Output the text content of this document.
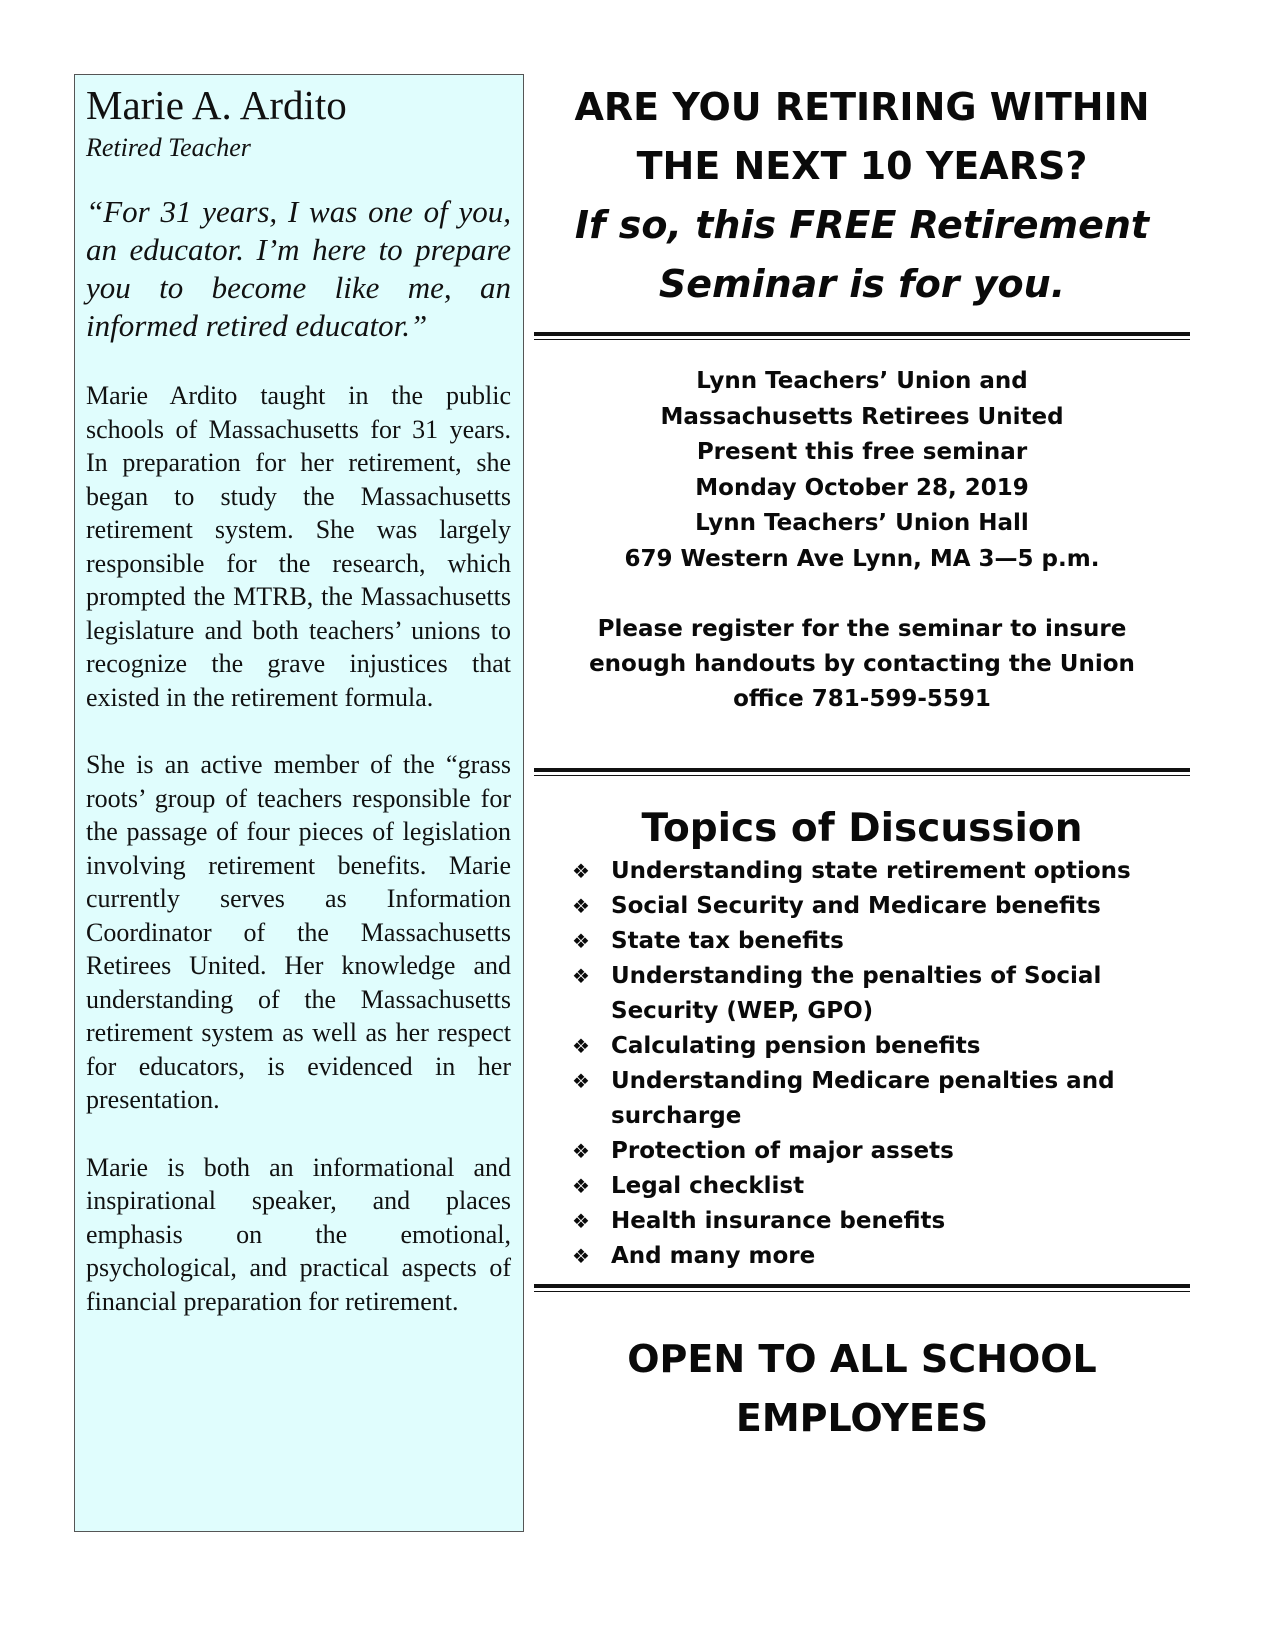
Marie A. Ardito

Retired Teacher

“For 31 years, I was one of you, an educator. I’m here to prepare you to become like me, an informed retired educator.”

Marie Ardito taught in the public schools of Massachusetts for 31 years. In preparation for her retirement, she began to study the Massachusetts retirement system. She was largely responsible for the research, which prompted the MTRB, the Massachusetts legislature and both teachers’ unions to recognize the grave injustices that existed in the retirement formula.

She is an active member of the “grass roots’ group of teachers responsible for the passage of four pieces of legislation involving retirement benefits. Marie currently serves as Information Coordinator of the Massachusetts Retirees United. Her knowledge and understanding of the Massachusetts retirement system as well as her respect for educators, is evidenced in her presentation.

Marie is both an informational and inspirational speaker, and places emphasis on the emotional, psychological, and practical aspects of financial preparation for retirement.

ARE YOU RETIRING WITHIN
THE NEXT 10 YEARS?
If so, this FREE Retirement
Seminar is for you.
Lynn Teachers’ Union and
Massachusetts Retirees United
Present this free seminar
Monday October 28, 2019
Lynn Teachers’ Union Hall
679 Western Ave Lynn, MA 3—5 p.m.
Please register for the seminar to insure
enough handouts by contacting the Union
office 781-599-5591
Topics of Discussion
❖ Understanding state retirement options
❖ Social Security and Medicare benefits
❖ State tax benefits
❖ Understanding the penalties of Social Security (WEP, GPO)
❖ Calculating pension benefits
❖ Understanding Medicare penalties and surcharge
❖ Protection of major assets
❖ Legal checklist
❖ Health insurance benefits
❖ And many more
OPEN TO ALL SCHOOL
EMPLOYEES
